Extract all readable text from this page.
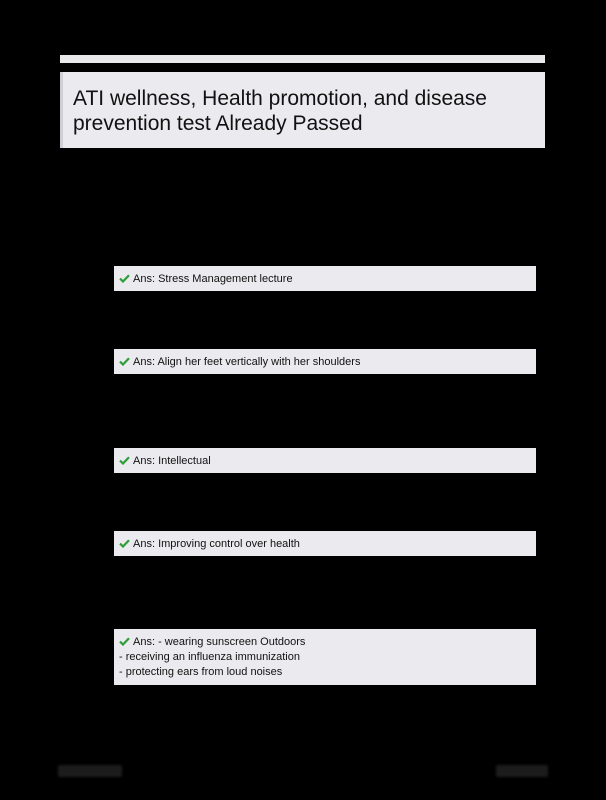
ATI wellness, Health promotion, and disease prevention test Already Passed
Ans: Stress Management lecture
Ans: Align her feet vertically with her shoulders
Ans: Intellectual
Ans: Improving control over health
Ans: - wearing sunscreen Outdoors
- receiving an influenza immunization
- protecting ears from loud noises
